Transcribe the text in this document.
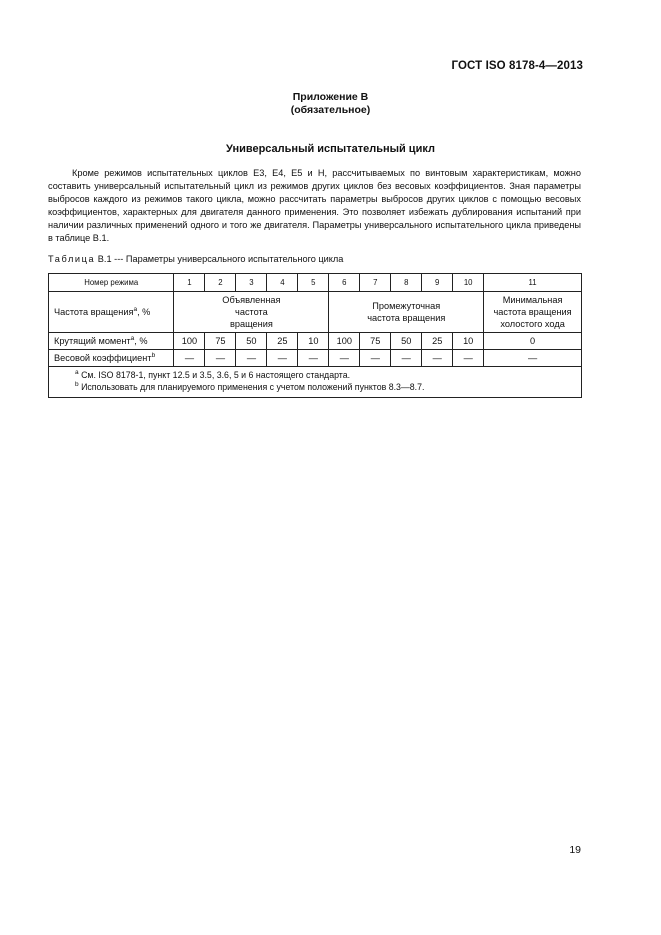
ГОСТ ISO 8178-4—2013
Приложение В
(обязательное)
Универсальный испытательный цикл

Кроме режимов испытательных циклов Е3, Е4, Е5 и Н, рассчитываемых по винтовым характеристикам, можно составить универсальный испытательный цикл из режимов других циклов без весовых коэффициентов. Зная параметры выбросов каждого из режимов такого цикла, можно рассчитать параметры выбросов других циклов с помощью весовых коэффициентов, характерных для двигателя данного применения. Это позволяет избежать дублирования испытаний при наличии различных применений одного и того же двигателя. Параметры универсального испытательного цикла приведены в таблице В.1.

Таблица В.1 --- Параметры универсального испытательного цикла
Номер режима	1	2	3	4	5	6	7	8	9	10	11
Частота вращения$^a$, %	Объявленная частота вращения					Промежуточная частота вращения					Минимальная частота вращения холостого хода
Крутящий момент$^a$, %	100	75	50	25	10	100	75	50	25	10	0
Весовой коэффициент$^b$	—	—	—	—	—	—	—	—	—	—	—

$^a$ См. ISO 8178-1, пункт 12.5 и 3.5, 3.6, 5 и 6 настоящего стандарта.
$^b$ Использовать для планируемого применения с учетом положений пунктов 8.3—8.7.											
19
